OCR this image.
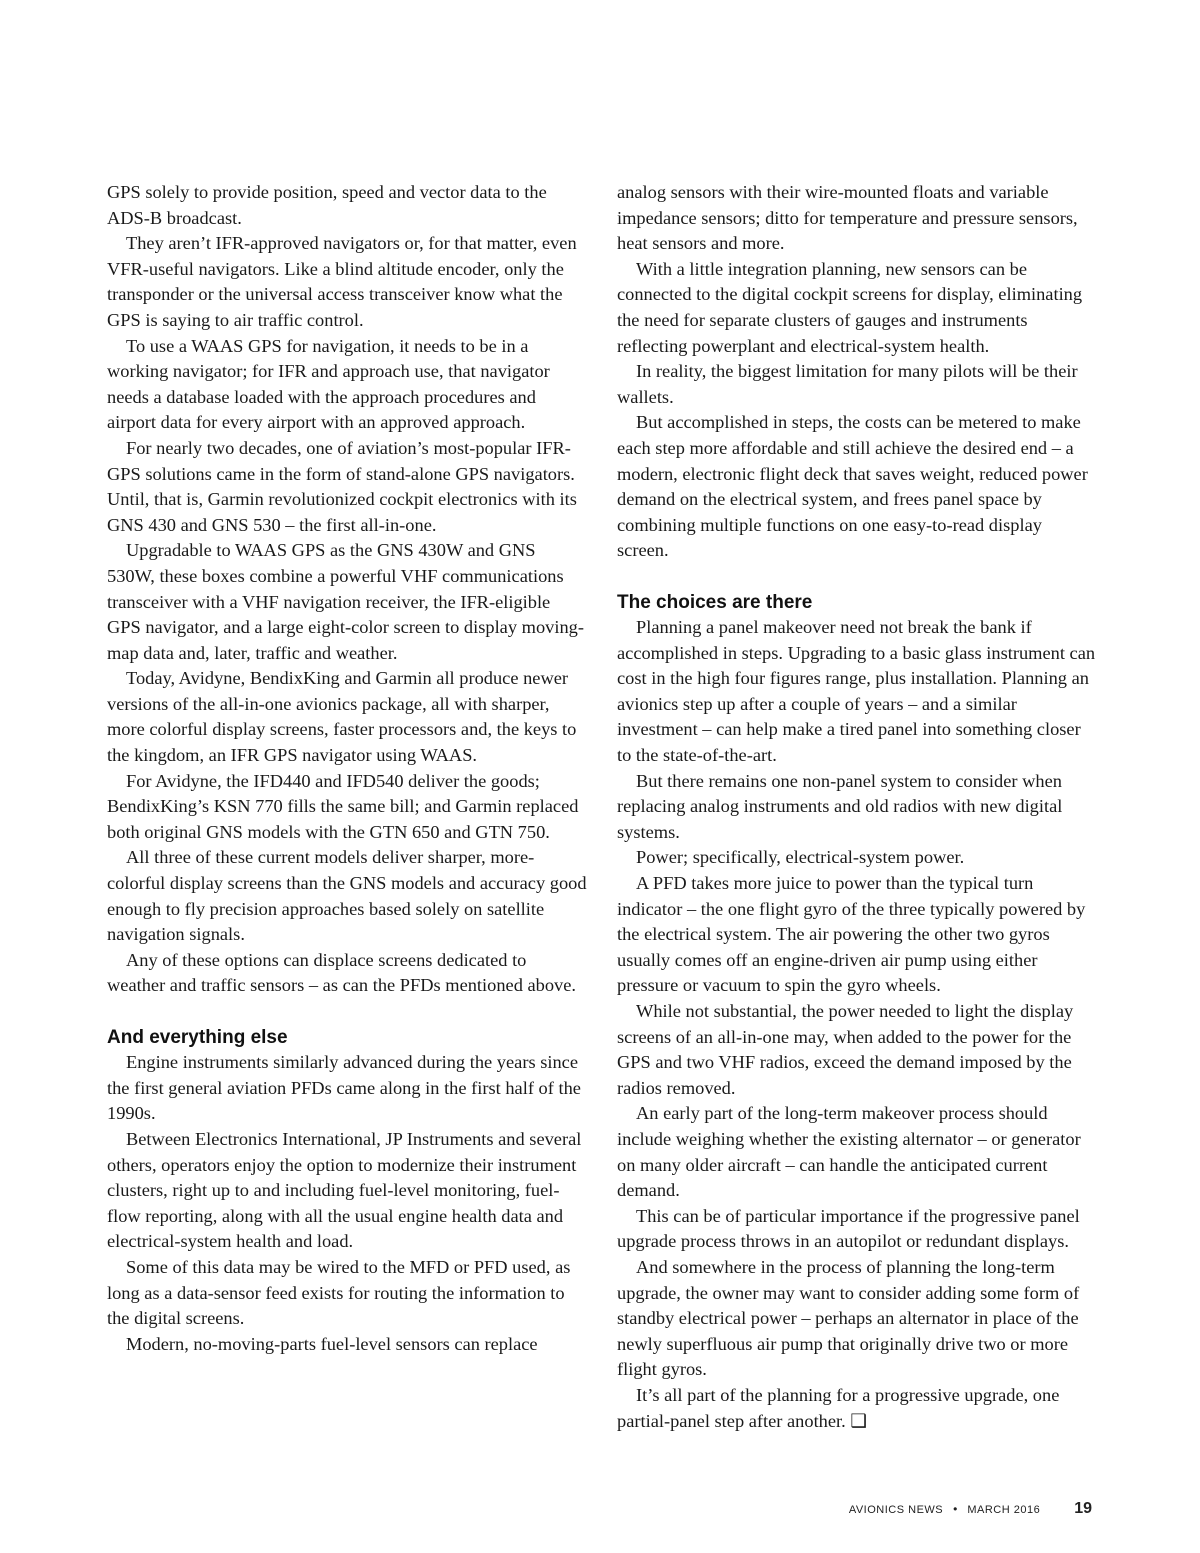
GPS solely to provide position, speed and vector data to the ADS-B broadcast.

They aren’t IFR-approved navigators or, for that matter, even VFR-useful navigators. Like a blind altitude encoder, only the transponder or the universal access transceiver know what the GPS is saying to air traffic control.

To use a WAAS GPS for navigation, it needs to be in a working navigator; for IFR and approach use, that navigator needs a database loaded with the approach procedures and airport data for every airport with an approved approach.

For nearly two decades, one of aviation’s most-popular IFR-GPS solutions came in the form of stand-alone GPS navigators. Until, that is, Garmin revolutionized cockpit electronics with its GNS 430 and GNS 530 – the first all-in-one.

Upgradable to WAAS GPS as the GNS 430W and GNS 530W, these boxes combine a powerful VHF communications transceiver with a VHF navigation receiver, the IFR-eligible GPS navigator, and a large eight-color screen to display moving-map data and, later, traffic and weather.

Today, Avidyne, BendixKing and Garmin all produce newer versions of the all-in-one avionics package, all with sharper, more colorful display screens, faster processors and, the keys to the kingdom, an IFR GPS navigator using WAAS.

For Avidyne, the IFD440 and IFD540 deliver the goods; BendixKing’s KSN 770 fills the same bill; and Garmin replaced both original GNS models with the GTN 650 and GTN 750.

All three of these current models deliver sharper, more-colorful display screens than the GNS models and accuracy good enough to fly precision approaches based solely on satellite navigation signals.

Any of these options can displace screens dedicated to weather and traffic sensors – as can the PFDs mentioned above.

And everything else

Engine instruments similarly advanced during the years since the first general aviation PFDs came along in the first half of the 1990s.

Between Electronics International, JP Instruments and several others, operators enjoy the option to modernize their instrument clusters, right up to and including fuel-level monitoring, fuel-flow reporting, along with all the usual engine health data and electrical-system health and load.

Some of this data may be wired to the MFD or PFD used, as long as a data-sensor feed exists for routing the information to the digital screens.

Modern, no-moving-parts fuel-level sensors can replace

analog sensors with their wire-mounted floats and variable impedance sensors; ditto for temperature and pressure sensors, heat sensors and more.

With a little integration planning, new sensors can be connected to the digital cockpit screens for display, eliminating the need for separate clusters of gauges and instruments reflecting powerplant and electrical-system health.

In reality, the biggest limitation for many pilots will be their wallets.

But accomplished in steps, the costs can be metered to make each step more affordable and still achieve the desired end – a modern, electronic flight deck that saves weight, reduced power demand on the electrical system, and frees panel space by combining multiple functions on one easy-to-read display screen.

The choices are there

Planning a panel makeover need not break the bank if accomplished in steps. Upgrading to a basic glass instrument can cost in the high four figures range, plus installation. Planning an avionics step up after a couple of years – and a similar investment – can help make a tired panel into something closer to the state-of-the-art.

But there remains one non-panel system to consider when replacing analog instruments and old radios with new digital systems.

Power; specifically, electrical-system power.

A PFD takes more juice to power than the typical turn indicator – the one flight gyro of the three typically powered by the electrical system. The air powering the other two gyros usually comes off an engine-driven air pump using either pressure or vacuum to spin the gyro wheels.

While not substantial, the power needed to light the display screens of an all-in-one may, when added to the power for the GPS and two VHF radios, exceed the demand imposed by the radios removed.

An early part of the long-term makeover process should include weighing whether the existing alternator – or generator on many older aircraft – can handle the anticipated current demand.

This can be of particular importance if the progressive panel upgrade process throws in an autopilot or redundant displays.

And somewhere in the process of planning the long-term upgrade, the owner may want to consider adding some form of standby electrical power – perhaps an alternator in place of the newly superfluous air pump that originally drive two or more flight gyros.

It’s all part of the planning for a progressive upgrade, one partial-panel step after another. ❑

AVIONICS NEWS • MARCH 2016 19
